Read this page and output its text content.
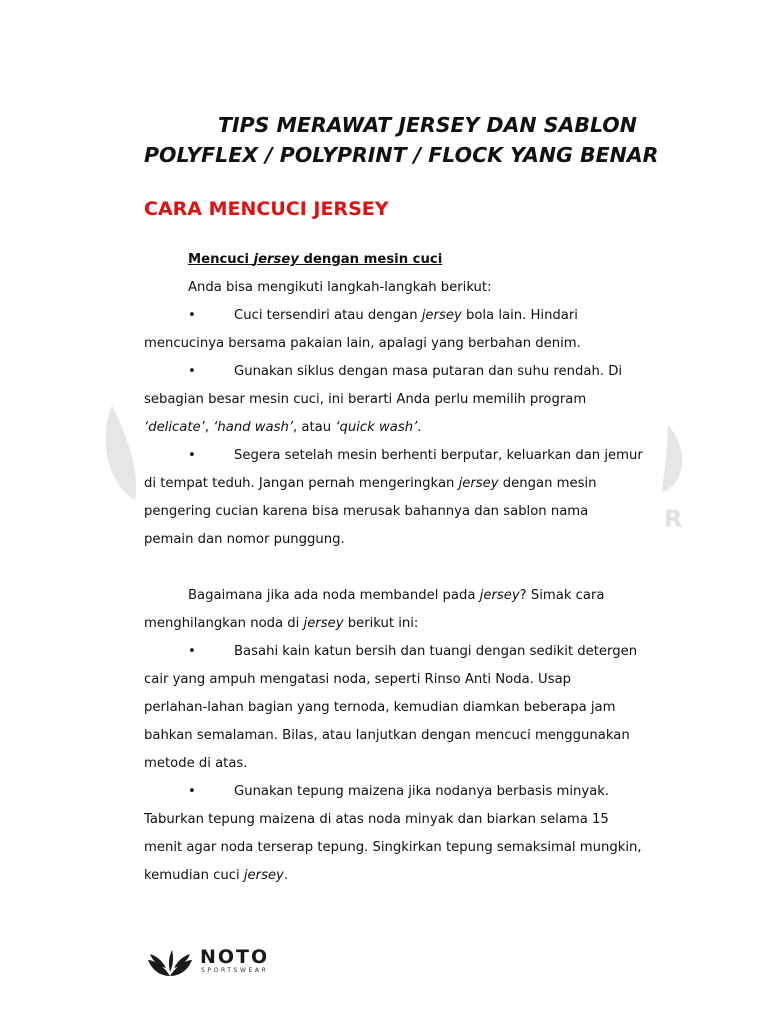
R
TIPS MERAWAT JERSEY DAN SABLON
POLYFLEX / POLYPRINT / FLOCK YANG BENAR
CARA MENCUCI JERSEY

Mencuci jersey dengan mesin cuci

Anda bisa mengikuti langkah-langkah berikut:

•	Cuci tersendiri atau dengan jersey bola lain. Hindari
mencucinya bersama pakaian lain, apalagi yang berbahan denim.

•	Gunakan siklus dengan masa putaran dan suhu rendah. Di
sebagian besar mesin cuci, ini berarti Anda perlu memilih program
‘delicate’, ‘hand wash’, atau ‘quick wash’.

•	Segera setelah mesin berhenti berputar, keluarkan dan jemur
di tempat teduh. Jangan pernah mengeringkan jersey dengan mesin
pengering cucian karena bisa merusak bahannya dan sablon nama
pemain dan nomor punggung.

Bagaimana jika ada noda membandel pada jersey? Simak cara
menghilangkan noda di jersey berikut ini:

•	Basahi kain katun bersih dan tuangi dengan sedikit detergen
cair yang ampuh mengatasi noda, seperti Rinso Anti Noda. Usap
perlahan-lahan bagian yang ternoda, kemudian diamkan beberapa jam
bahkan semalaman. Bilas, atau lanjutkan dengan mencuci menggunakan
metode di atas.

•	Gunakan tepung maizena jika nodanya berbasis minyak.
Taburkan tepung maizena di atas noda minyak dan biarkan selama 15
menit agar noda terserap tepung. Singkirkan tepung semaksimal mungkin,
kemudian cuci jersey.

NOTO
SPORTSWEAR
